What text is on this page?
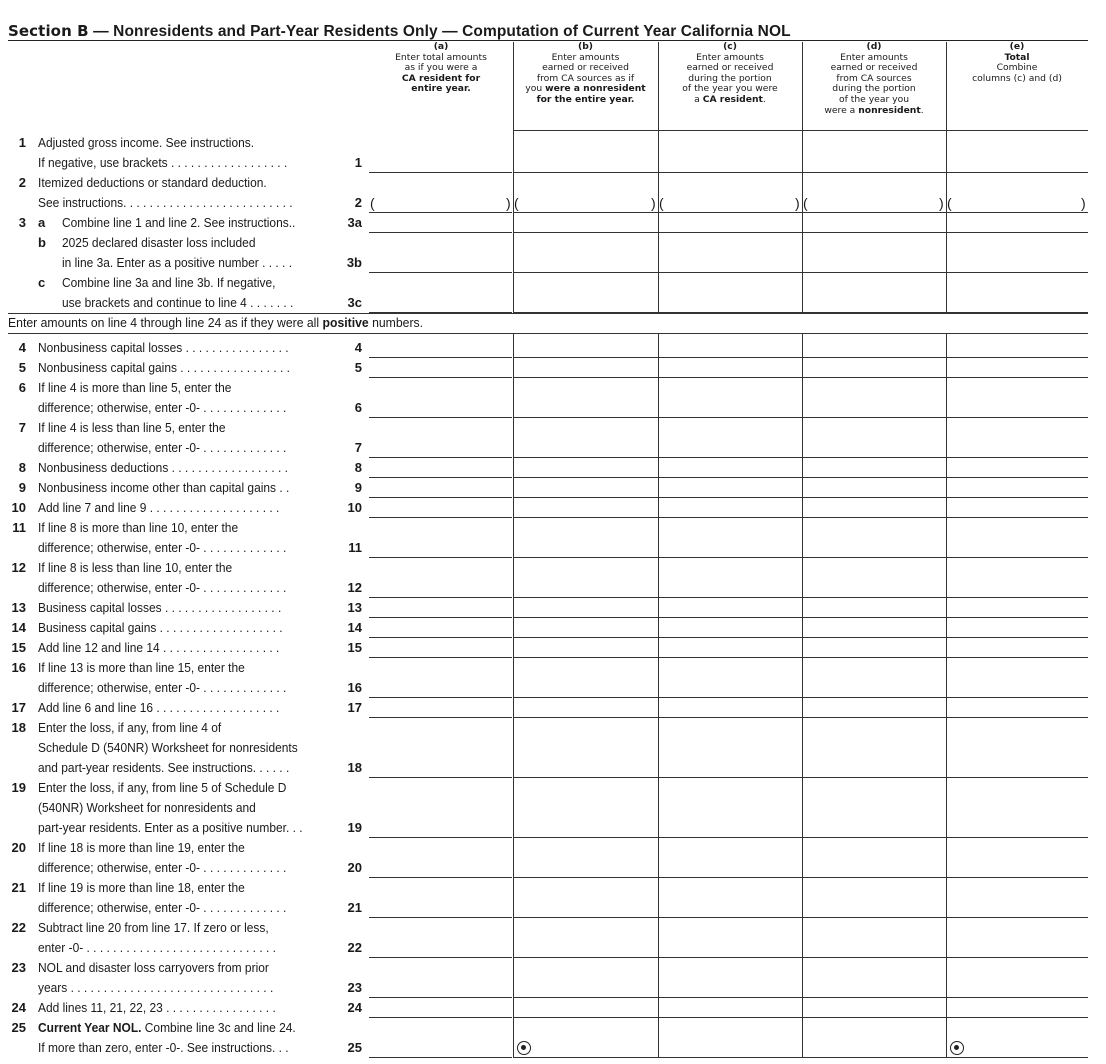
Section B — Nonresidents and Part-Year Residents Only — Computation of Current Year California NOL
(a)
Enter total amounts
as if you were a
CA resident for
entire year.
(b)
Enter amounts
earned or received
from CA sources as if
you were a nonresident
for the entire year.
(c)
Enter amounts
earned or received
during the portion
of the year you were
a CA resident.
(d)
Enter amounts
earned or received
from CA sources
during the portion
of the year you
were a nonresident.
(e)
Total
Combine
columns (c) and (d)
Enter amounts on line 4 through line 24 as if they were all positive numbers.
1 Adjusted gross income. See instructions.
If negative, use brackets . . . . . . . . . . . . . . . . . .	1
2 Itemized deductions or standard deduction.
See instructions. . . . . . . . . . . . . . . . . . . . . . . . . .	2 (	) (	) (	) (	) (	)
3 a Combine line 1 and line 2. See instructions..	3a
b 2025 declared disaster loss included
in line 3a. Enter as a positive number . . . . .	3b
c Combine line 3a and line 3b. If negative,
use brackets and continue to line 4 . . . . . . .	3c
4 Nonbusiness capital losses . . . . . . . . . . . . . . . .	4
5 Nonbusiness capital gains . . . . . . . . . . . . . . . . .	5
6 If line 4 is more than line 5, enter the
difference; otherwise, enter -0- . . . . . . . . . . . . .	6
7 If line 4 is less than line 5, enter the
difference; otherwise, enter -0- . . . . . . . . . . . . .	7
8 Nonbusiness deductions . . . . . . . . . . . . . . . . . .	8
9 Nonbusiness income other than capital gains . .	9
10 Add line 7 and line 9 . . . . . . . . . . . . . . . . . . . .	10
11 If line 8 is more than line 10, enter the
difference; otherwise, enter -0- . . . . . . . . . . . . .	11
12 If line 8 is less than line 10, enter the
difference; otherwise, enter -0- . . . . . . . . . . . . .	12
13 Business capital losses . . . . . . . . . . . . . . . . . .	13
14 Business capital gains . . . . . . . . . . . . . . . . . . .	14
15 Add line 12 and line 14 . . . . . . . . . . . . . . . . . .	15
16 If line 13 is more than line 15, enter the
difference; otherwise, enter -0- . . . . . . . . . . . . .	16
17 Add line 6 and line 16 . . . . . . . . . . . . . . . . . . .	17
18 Enter the loss, if any, from line 4 of
Schedule D (540NR) Worksheet for nonresidents
and part-year residents. See instructions. . . . . .	18
19 Enter the loss, if any, from line 5 of Schedule D
(540NR) Worksheet for nonresidents and
part-year residents. Enter as a positive number. . .	19
20 If line 18 is more than line 19, enter the
difference; otherwise, enter -0- . . . . . . . . . . . . .	20
21 If line 19 is more than line 18, enter the
difference; otherwise, enter -0- . . . . . . . . . . . . .	21
22 Subtract line 20 from line 17. If zero or less,
enter -0- . . . . . . . . . . . . . . . . . . . . . . . . . . . . .	22
23 NOL and disaster loss carryovers from prior
years . . . . . . . . . . . . . . . . . . . . . . . . . . . . . . .	23
24 Add lines 11, 21, 22, 23 . . . . . . . . . . . . . . . . .	24
25 Current Year NOL. Combine line 3c and line 24.
If more than zero, enter -0-. See instructions. . .	25
